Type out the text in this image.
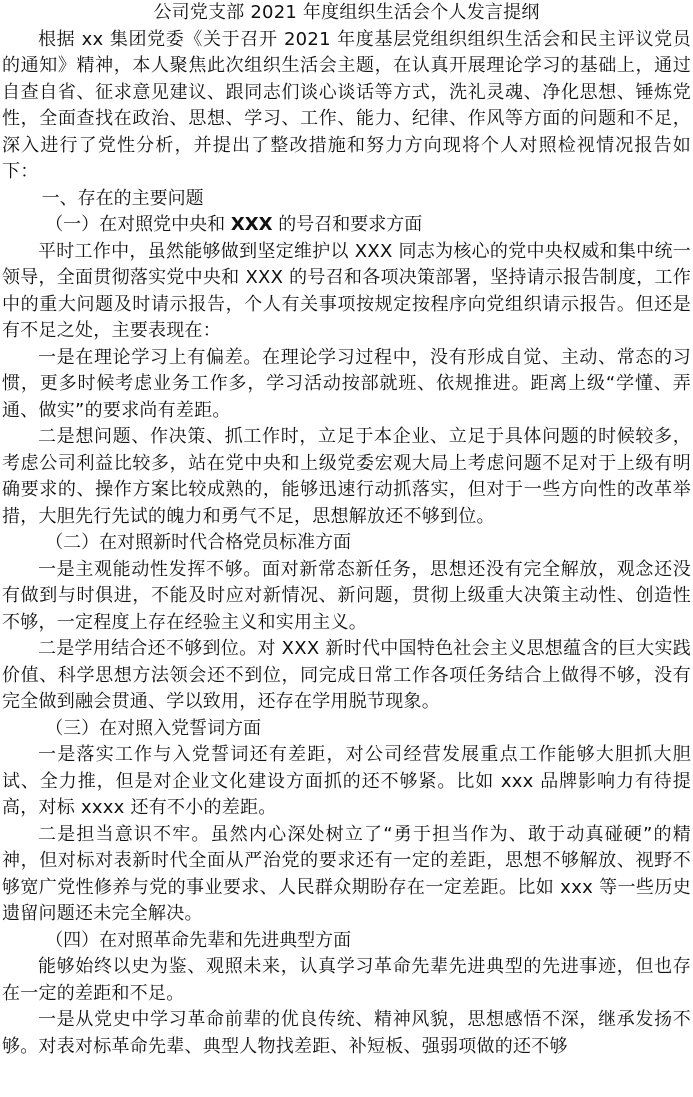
公司党支部 2021 年度组织生活会个人发言提纲

根据 xx 集团党委《关于召开 2021 年度基层党组织组织生活会和民主评议党员的通知》精神，本人聚焦此次组织生活会主题，在认真开展理论学习的基础上，通过自查自省、征求意见建议、跟同志们谈心谈话等方式，洗礼灵魂、净化思想、锤炼党性，全面查找在政治、思想、学习、工作、能力、纪律、作风等方面的问题和不足，深入进行了党性分析，并提出了整改措施和努力方向现将个人对照检视情况报告如下：

一、存在的主要问题

（一）在对照党中央和 XXX 的号召和要求方面

平时工作中，虽然能够做到坚定维护以 XXX 同志为核心的党中央权威和集中统一领导，全面贯彻落实党中央和 XXX 的号召和各项决策部署，坚持请示报告制度，工作中的重大问题及时请示报告，个人有关事项按规定按程序向党组织请示报告。但还是有不足之处，主要表现在：

一是在理论学习上有偏差。在理论学习过程中，没有形成自觉、主动、常态的习惯，更多时候考虑业务工作多，学习活动按部就班、依规推进。距离上级“学懂、弄通、做实”的要求尚有差距。

二是想问题、作决策、抓工作时，立足于本企业、立足于具体问题的时候较多，考虑公司利益比较多，站在党中央和上级党委宏观大局上考虑问题不足对于上级有明确要求的、操作方案比较成熟的，能够迅速行动抓落实，但对于一些方向性的改革举措，大胆先行先试的魄力和勇气不足，思想解放还不够到位。

（二）在对照新时代合格党员标准方面

一是主观能动性发挥不够。面对新常态新任务，思想还没有完全解放，观念还没有做到与时俱进，不能及时应对新情况、新问题，贯彻上级重大决策主动性、创造性不够，一定程度上存在经验主义和实用主义。

二是学用结合还不够到位。对 XXX 新时代中国特色社会主义思想蕴含的巨大实践价值、科学思想方法领会还不到位，同完成日常工作各项任务结合上做得不够，没有完全做到融会贯通、学以致用，还存在学用脱节现象。

（三）在对照入党誓词方面

一是落实工作与入党誓词还有差距，对公司经营发展重点工作能够大胆抓大胆试、全力推，但是对企业文化建设方面抓的还不够紧。比如 xxx 品牌影响力有待提高，对标 xxxx 还有不小的差距。

二是担当意识不牢。虽然内心深处树立了“勇于担当作为、敢于动真碰硬”的精神，但对标对表新时代全面从严治党的要求还有一定的差距，思想不够解放、视野不够宽广党性修养与党的事业要求、人民群众期盼存在一定差距。比如 xxx 等一些历史遗留问题还未完全解决。

（四）在对照革命先辈和先进典型方面

能够始终以史为鉴、观照未来，认真学习革命先辈先进典型的先进事迹，但也存在一定的差距和不足。

一是从党史中学习革命前辈的优良传统、精神风貌，思想感悟不深，继承发扬不够。对表对标革命先辈、典型人物找差距、补短板、强弱项做的还不够
